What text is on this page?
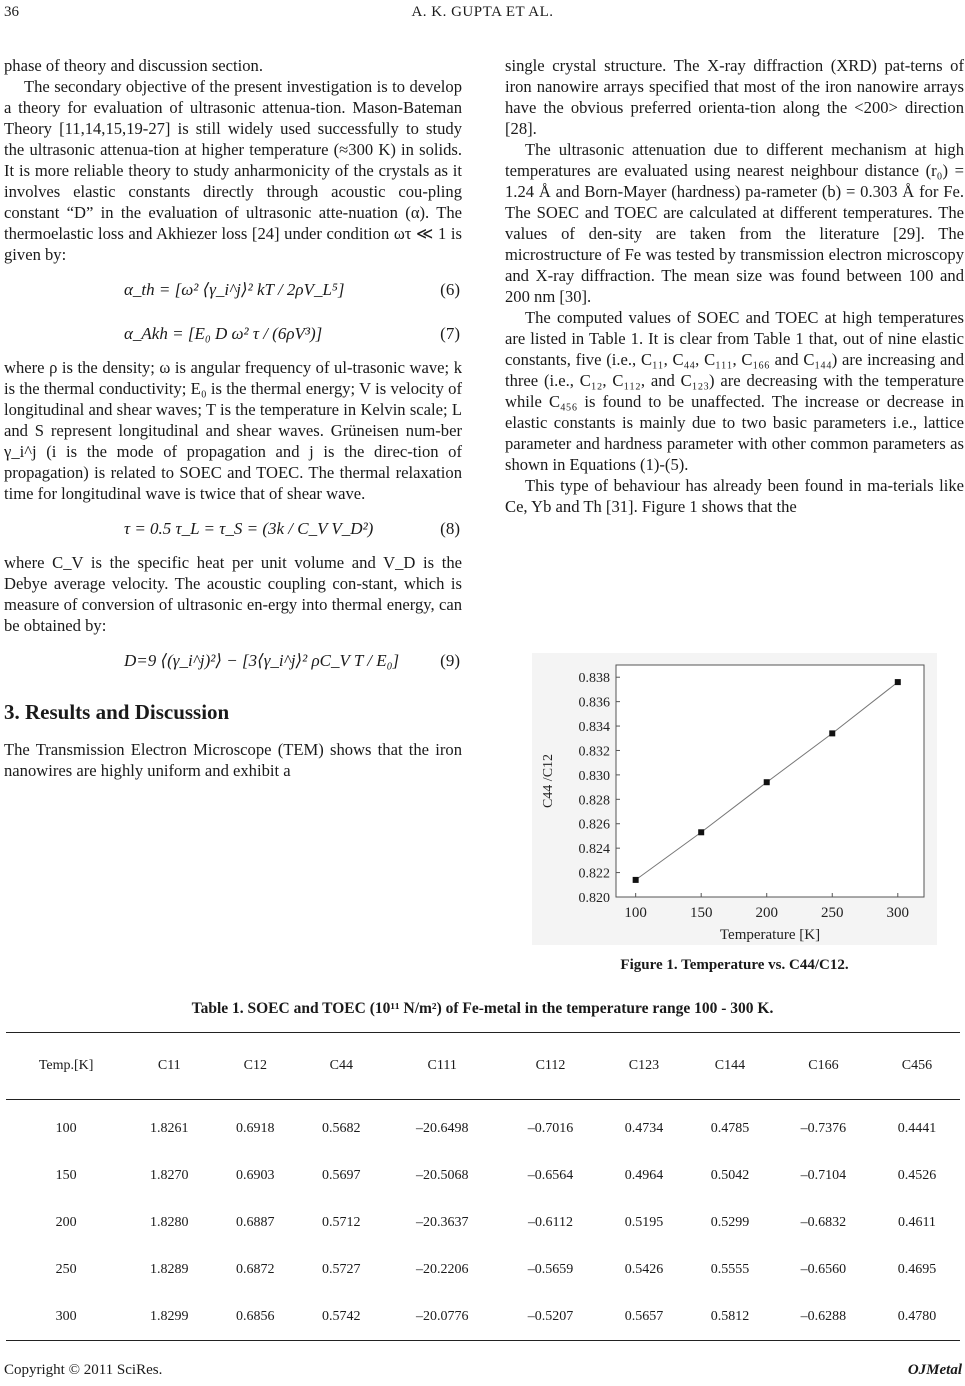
36	A. K. GUPTA ET AL.

phase of theory and discussion section.

The secondary objective of the present investigation is to develop a theory for evaluation of ultrasonic attenua-tion. Mason-Bateman Theory [11,14,15,19-27] is still widely used successfully to study the ultrasonic attenua-tion at higher temperature (≈300 K) in solids. It is more reliable theory to study anharmonicity of the crystals as it involves elastic constants directly through acoustic cou-pling constant “D” in the evaluation of ultrasonic atte-nuation (α). The thermoelastic loss and Akhiezer loss [24] under condition ωτ ≪ 1 is given by:

α_th = [ω² ⟨γ_i^j⟩² kT / 2ρV_L⁵]	(6)
α_Akh = [E₀ D ω² τ / (6ρV³)]	(7)

where ρ is the density; ω is angular frequency of ul-trasonic wave; k is the thermal conductivity; E₀ is the thermal energy; V is velocity of longitudinal and shear waves; T is the temperature in Kelvin scale; L and S represent longitudinal and shear waves. Grüneisen num-ber γ_i^j (i is the mode of propagation and j is the direc-tion of propagation) is related to SOEC and TOEC. The thermal relaxation time for longitudinal wave is twice that of shear wave.

τ = 0.5 τ_L = τ_S = (3k / C_V V_D²)	(8)

where C_V is the specific heat per unit volume and V_D is the Debye average velocity. The acoustic coupling con-stant, which is measure of conversion of ultrasonic en-ergy into thermal energy, can be obtained by:

D=9 ⟨(γ_i^j)²⟩ − [3⟨γ_i^j⟩² ρC_V T / E₀] (9)
3. Results and Discussion

The Transmission Electron Microscope (TEM) shows that the iron nanowires are highly uniform and exhibit a

single crystal structure. The X-ray diffraction (XRD) pat-terns of iron nanowire arrays specified that most of the iron nanowire arrays have the obvious preferred orienta-tion along the <200> direction [28].

The ultrasonic attenuation due to different mechanism at high temperatures are evaluated using nearest neighbour distance (r₀) = 1.24 Å and Born-Mayer (hardness) pa-rameter (b) = 0.303 Å for Fe. The SOEC and TOEC are calculated at different temperatures. The values of den-sity are taken from the literature [29]. The microstructure of Fe was tested by transmission electron microscopy and X-ray diffraction. The mean size was found between 100 and 200 nm [30].

The computed values of SOEC and TOEC at high temperatures are listed in Table 1. It is clear from Table 1 that, out of nine elastic constants, five (i.e., C₁₁, C₄₄, C₁₁₁, C₁₆₆ and C₁₄₄) are increasing and three (i.e., C₁₂, C₁₁₂, and C₁₂₃) are decreasing with the temperature while C₄₅₆ is found to be unaffected. The increase or decrease in elastic constants is mainly due to two basic parameters i.e., lattice parameter and hardness parameter with other common parameters as shown in Equations (1)-(5).

This type of behaviour has already been found in ma-terials like Ce, Yb and Th [31]. Figure 1 shows that the

0.820
0.822
0.824
0.826
0.828
0.830
0.832
0.834
0.836
0.838
100	150	200	250	300
Temperature [K]
C44 /C12
Figure 1. Temperature vs. C44/C12.
Table 1. SOEC and TOEC (10¹¹ N/m²) of Fe-metal in the temperature range 100 - 300 K.
Temp.[K]	C11	C12	C44	C111	C112	C123	C144	C166	C456
100	1.8261	0.6918	0.5682	–20.6498	–0.7016	0.4734	0.4785	–0.7376	0.4441
150	1.8270	0.6903	0.5697	–20.5068	–0.6564	0.4964	0.5042	–0.7104	0.4526
200	1.8280	0.6887	0.5712	–20.3637	–0.6112	0.5195	0.5299	–0.6832	0.4611
250	1.8289	0.6872	0.5727	–20.2206	–0.5659	0.5426	0.5555	–0.6560	0.4695
300	1.8299	0.6856	0.5742	–20.0776	–0.5207	0.5657	0.5812	–0.6288	0.4780
Copyright © 2011 SciRes.	OJMetal
